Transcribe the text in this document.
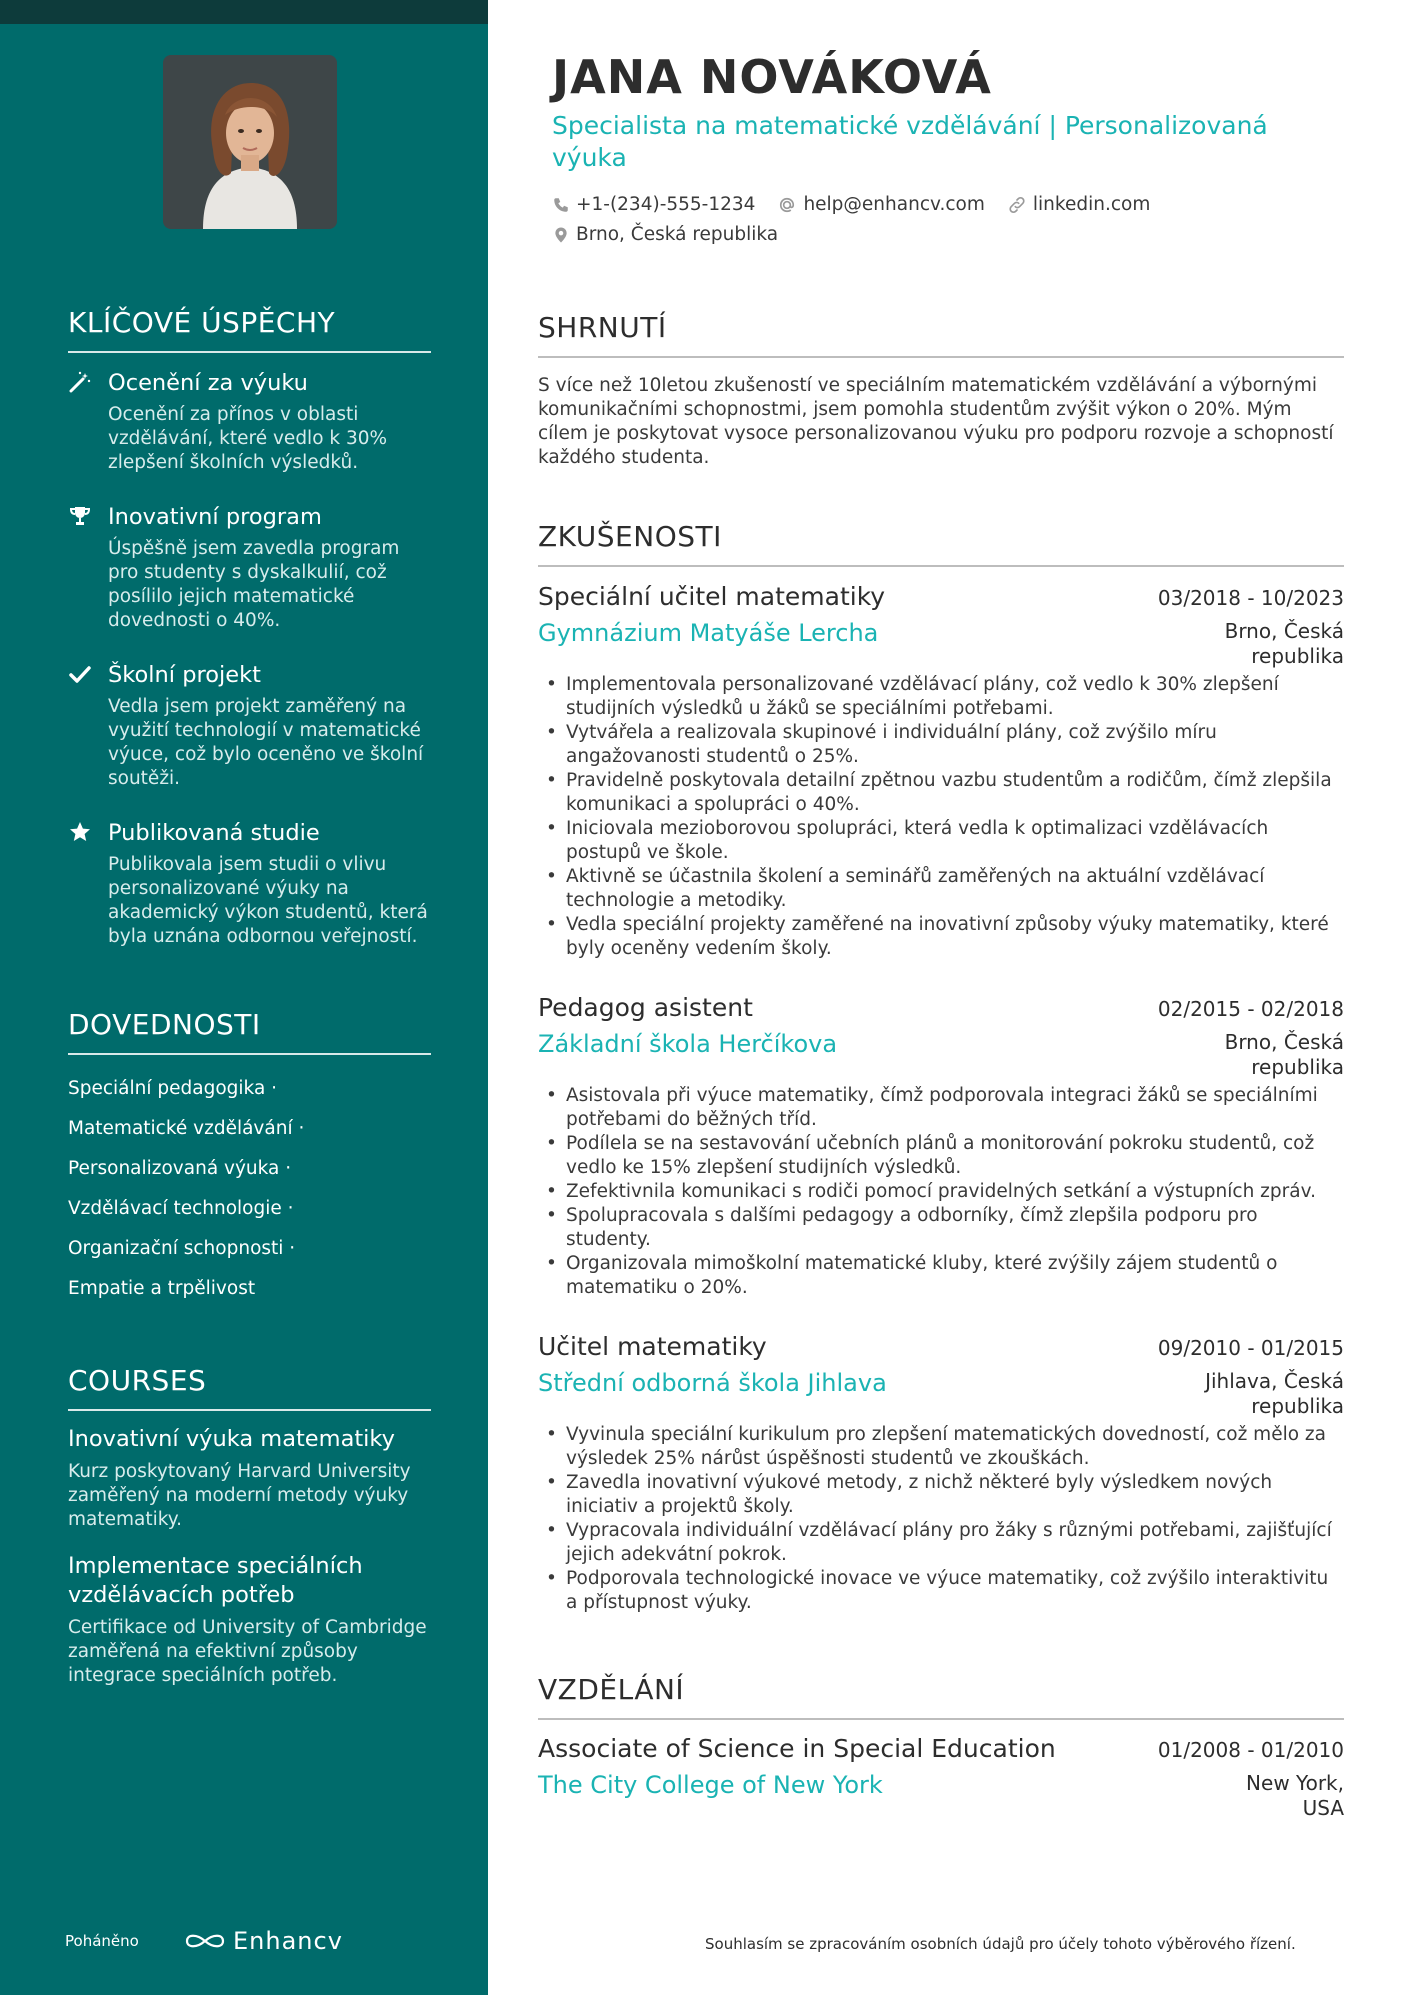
KLÍČOVÉ ÚSPĚCHY
Ocenění za výuku
Ocenění za přínos v oblasti vzdělávání, které vedlo k 30% zlepšení školních výsledků.
Inovativní program
Úspěšně jsem zavedla program pro studenty s dyskalkulií, což posílilo jejich matematické dovednosti o 40%.
Školní projekt
Vedla jsem projekt zaměřený na využití technologií v matematické výuce, což bylo oceněno ve školní soutěži.
Publikovaná studie
Publikovala jsem studii o vlivu personalizované výuky na akademický výkon studentů, která byla uznána odbornou veřejností.
DOVEDNOSTI
Speciální pedagogika ·
Matematické vzdělávání ·
Personalizovaná výuka ·
Vzdělávací technologie ·
Organizační schopnosti ·
Empatie a trpělivost
COURSES
Inovativní výuka matematiky
Kurz poskytovaný Harvard University zaměřený na moderní metody výuky matematiky.
Implementace speciálních vzdělávacích potřeb
Certifikace od University of Cambridge zaměřená na efektivní způsoby integrace speciálních potřeb.
Poháněno	Enhancv
JANA NOVÁKOVÁ
Specialista na matematické vzdělávání | Personalizovaná výuka
+1-(234)-555-1234	help@enhancv.com	linkedin.com
Brno, Česká republika
SHRNUTÍ
S více než 10letou zkušeností ve speciálním matematickém vzdělávání a výbornými komunikačními schopnostmi, jsem pomohla studentům zvýšit výkon o 20%. Mým cílem je poskytovat vysoce personalizovanou výuku pro podporu rozvoje a schopností každého studenta.
ZKUŠENOSTI
Speciální učitel matematiky	03/2018 - 10/2023
Gymnázium Matyáše Lercha	Brno, Česká republika
• Implementovala personalizované vzdělávací plány, což vedlo k 30% zlepšení studijních výsledků u žáků se speciálními potřebami.
• Vytvářela a realizovala skupinové i individuální plány, což zvýšilo míru angažovanosti studentů o 25%.
• Pravidelně poskytovala detailní zpětnou vazbu studentům a rodičům, čímž zlepšila komunikaci a spolupráci o 40%.
• Iniciovala mezioborovou spolupráci, která vedla k optimalizaci vzdělávacích postupů ve škole.
• Aktivně se účastnila školení a seminářů zaměřených na aktuální vzdělávací technologie a metodiky.
• Vedla speciální projekty zaměřené na inovativní způsoby výuky matematiky, které byly oceněny vedením školy.
Pedagog asistent	02/2015 - 02/2018
Základní škola Herčíkova	Brno, Česká republika
• Asistovala při výuce matematiky, čímž podporovala integraci žáků se speciálními potřebami do běžných tříd.
• Podílela se na sestavování učebních plánů a monitorování pokroku studentů, což vedlo ke 15% zlepšení studijních výsledků.
• Zefektivnila komunikaci s rodiči pomocí pravidelných setkání a výstupních zpráv.
• Spolupracovala s dalšími pedagogy a odborníky, čímž zlepšila podporu pro studenty.
• Organizovala mimoškolní matematické kluby, které zvýšily zájem studentů o matematiku o 20%.
Učitel matematiky	09/2010 - 01/2015
Střední odborná škola Jihlava	Jihlava, Česká republika
• Vyvinula speciální kurikulum pro zlepšení matematických dovedností, což mělo za výsledek 25% nárůst úspěšnosti studentů ve zkouškách.
• Zavedla inovativní výukové metody, z nichž některé byly výsledkem nových iniciativ a projektů školy.
• Vypracovala individuální vzdělávací plány pro žáky s různými potřebami, zajišťující jejich adekvátní pokrok.
• Podporovala technologické inovace ve výuce matematiky, což zvýšilo interaktivitu a přístupnost výuky.
VZDĚLÁNÍ
Associate of Science in Special Education	01/2008 - 01/2010
The City College of New York	New York, USA
Souhlasím se zpracováním osobních údajů pro účely tohoto výběrového řízení.
